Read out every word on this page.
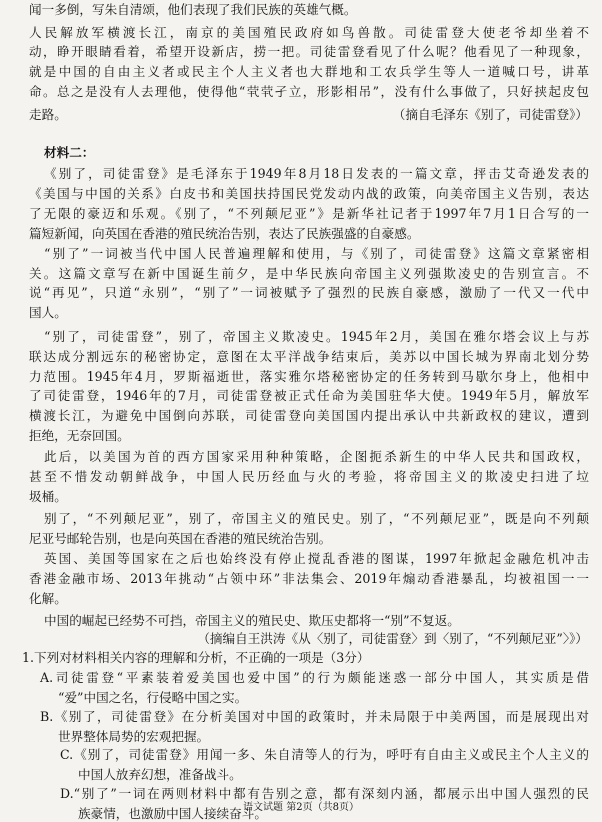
闻一多倒，写朱自清颂，他们表现了我们民族的英雄气概。
人民解放军横渡长江，南京的美国殖民政府如鸟兽散。司徒雷登大使老爷却坐着不
动，睁开眼睛看着，希望开设新店，捞一把。司徒雷登看见了什么呢？他看见了一种现象，
就是中国的自由主义者或民主个人主义者也大群地和工农兵学生等人一道喊口号，讲革
命。总之是没有人去理他，使得他“茕茕孑立，形影相吊”，没有什么事做了，只好挟起皮包
走路。	（摘自毛泽东《别了，司徒雷登》）
材料二：
《别了，司徒雷登》是毛泽东于1949年8月18日发表的一篇文章，抨击艾奇逊发表的
《美国与中国的关系》白皮书和美国扶持国民党发动内战的政策，向美帝国主义告别，表达
了无限的豪迈和乐观。《别了，“不列颠尼亚”》是新华社记者于1997年7月1日合写的一
篇短新闻，向英国在香港的殖民统治告别，表达了民族强盛的自豪感。
“别了”一词被当代中国人民普遍理解和使用，与《别了，司徒雷登》这篇文章紧密相
关。这篇文章写在新中国诞生前夕，是中华民族向帝国主义列强欺凌史的告别宣言。不
说“再见”，只道“永别”，“别了”一词被赋予了强烈的民族自豪感，激励了一代又一代中
国人。
“别了，司徒雷登”，别了，帝国主义欺凌史。1945年2月，美国在雅尔塔会议上与苏
联达成分割远东的秘密协定，意图在太平洋战争结束后，美苏以中国长城为界南北划分势
力范围。1945年4月，罗斯福逝世，落实雅尔塔秘密协定的任务转到马歇尔身上，他相中
了司徒雷登，1946年的7月，司徒雷登被正式任命为美国驻华大使。1949年5月，解放军
横渡长江，为避免中国倒向苏联，司徒雷登向美国国内提出承认中共新政权的建议，遭到
拒绝，无奈回国。
此后，以美国为首的西方国家采用种种策略，企图扼杀新生的中华人民共和国政权，
甚至不惜发动朝鲜战争，中国人民历经血与火的考验，将帝国主义的欺凌史扫进了垃
圾桶。
别了，“不列颠尼亚”，别了，帝国主义的殖民史。别了，“不列颠尼亚”，既是向不列颠
尼亚号邮轮告别，也是向英国在香港的殖民统治告别。
英国、美国等国家在之后也始终没有停止搅乱香港的图谋，1997年掀起金融危机冲击
香港金融市场、2013年挑动“占领中环”非法集会、2019年煽动香港暴乱，均被祖国一一
化解。
中国的崛起已经势不可挡，帝国主义的殖民史、欺压史都将一“别”不复返。
（摘编自王洪涛《从〈别了，司徒雷登〉到〈别了，“不列颠尼亚”〉》）
1.下列对材料相关内容的理解和分析，不正确的一项是（3分）
A.司徒雷登“平素装着爱美国也爱中国”的行为颇能迷惑一部分中国人，其实质是借
“爱”中国之名，行侵略中国之实。
B.《别了，司徒雷登》在分析美国对中国的政策时，并未局限于中美两国，而是展现出对
世界整体局势的宏观把握。
C.《别了，司徒雷登》用闻一多、朱自清等人的行为，呼吁有自由主义或民主个人主义的
中国人放弃幻想，准备战斗。
D.“别了”一词在两则材料中都有告别之意，都有深刻内涵，都展示出中国人强烈的民
族豪情，也激励中国人接续奋斗。
语文试题 第2页（共8页）
